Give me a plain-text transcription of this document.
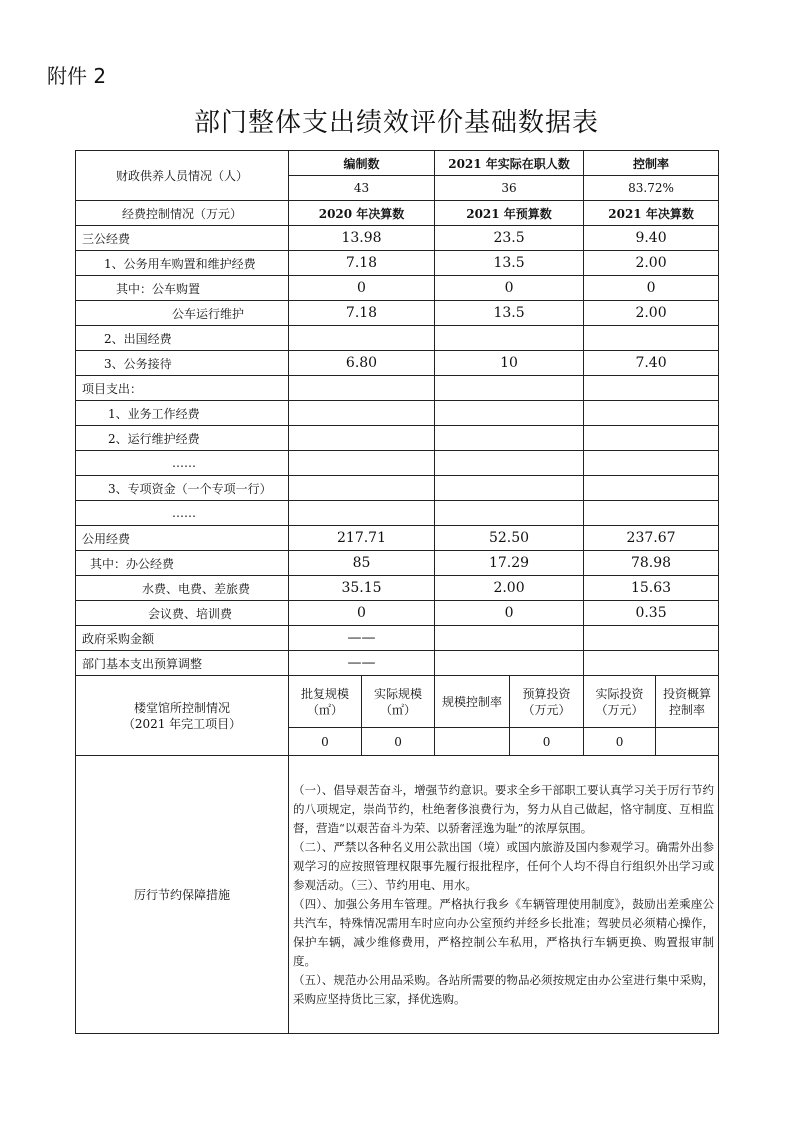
附件 2
部门整体支出绩效评价基础数据表
财政供养人员情况（人）	编制数		2021 年实际在职人数		控制率	
	43		36		83.72%	
经费控制情况（万元）	2020 年决算数		2021 年预算数		2021 年决算数	
三公经费	13.98		23.5		9.40	
1、公务用车购置和维护经费	7.18		13.5		2.00	
其中：公车购置	0		0		0	
公车运行维护	7.18		13.5		2.00	
2、出国经费						
3、公务接待	6.80		10		7.40	
项目支出：						
1、业务工作经费						
2、运行维护经费						
……						
3、专项资金（一个专项一行）						
……						
公用经费	217.71		52.50		237.67	
其中：办公经费	85		17.29		78.98	
水费、电费、差旅费	35.15		2.00		15.63	
会议费、培训费	0		0		0.35	
政府采购金额	——					
部门基本支出预算调整	——					

楼堂馆所控制情况
（2021 年完工项目）	批复规模（㎡）	实际规模（㎡）	规模控制率	预算投资（万元）	实际投资（万元）	投资概算控制率
	0	0		0	0	
厉行节约保障措施	（一）、倡导艰苦奋斗，增强节约意识。要求全乡干部职工要认真学习关于厉行节约的八项规定，崇尚节约，杜绝奢侈浪费行为，努力从自己做起，恪守制度、互相监督，营造“以艰苦奋斗为荣、以骄奢淫逸为耻”的浓厚氛围。
（二）、严禁以各种名义用公款出国（境）或国内旅游及国内参观学习。确需外出参观学习的应按照管理权限事先履行报批程序，任何个人均不得自行组织外出学习或参观活动。（三）、节约用电、用水。
（四）、加强公务用车管理。严格执行我乡《车辆管理使用制度》，鼓励出差乘座公共汽车，特殊情况需用车时应向办公室预约并经乡长批准；驾驶员必须精心操作，保护车辆，减少维修费用，严格控制公车私用，严格执行车辆更换、购置报审制度。
（五）、规范办公用品采购。各站所需要的物品必须按规定由办公室进行集中采购，采购应坚持货比三家，择优选购。					
